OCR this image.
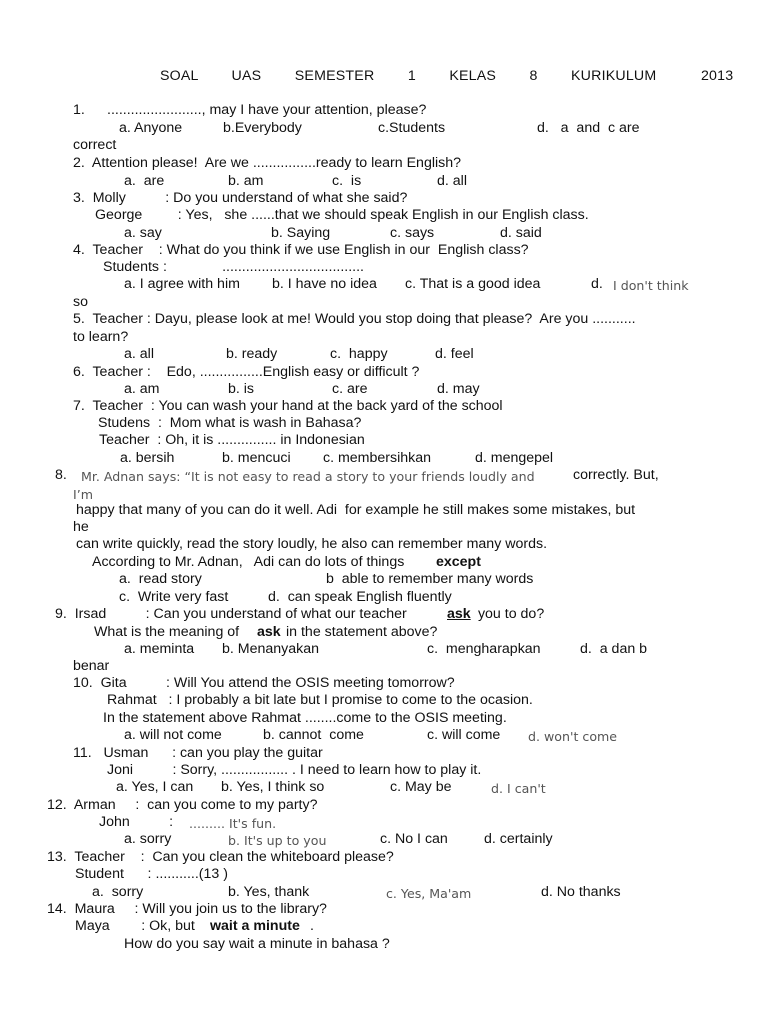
SOAL   UAS   SEMESTER   1   KELAS   8   KURIKULUM    2013
1. ........................, may I have your attention, please?
a. Anyone	b.Everybody	c.Students	d.   a  and  c are
correct
2.  Attention please!  Are we ................ready to learn English?
a.  are	b. am	c.  is	d. all
3.  Molly          : Do you understand of what she said?
George         : Yes,   she ......that we should speak English in our English class.
a. say	b. Saying	c. says	d. said
4.  Teacher    : What do you think if we use English in our  English class?
Students :              ....................................
a. I agree with him b. I have no idea c. That is a good idea	d. I don't think
so
5.  Teacher : Dayu, please look at me! Would you stop doing that please?  Are you ...........
to learn?
a. all	b. ready	c.  happy	d. feel
6.  Teacher :    Edo, ................English easy or difficult ?
a. am	b. is	c. are	d. may
7.  Teacher  : You can wash your hand at the back yard of the school
Studens  :  Mom what is wash in Bahasa?
Teacher  : Oh, it is ............... in Indonesian
a. bersih	b. mencuci c. membersihkan	d. mengepel
8. Mr. Adnan says: “It is not easy to read a story to your friends loudly and	correctly. But,
I’m
happy that many of you can do it well. Adi  for example he still makes some mistakes, but
he
can write quickly, read the story loudly, he also can remember many words.
According to Mr. Adnan,   Adi can do lots of things except
a.  read story	b  able to remember many words
c.  Write very fast	d.  can speak English fluently
9.  Irsad          : Can you understand of what our teacher	ask you to do?
What is the meaning of ask in the statement above?
a. meminta b. Menanyakan	c.  mengharapkan	d.  a dan b
benar
10.  Gita          : Will You attend the OSIS meeting tomorrow?
Rahmat   : I probably a bit late but I promise to come to the ocasion.
In the statement above Rahmat ........come to the OSIS meeting.
a. will not come	b. cannot  come	c. will come d. won't come
11.   Usman      : can you play the guitar
Joni          : Sorry, ................. . I need to learn how to play it.
a. Yes, I can b. Yes, I think so	c. May be	d. I can't
12.  Arman     :  can you come to my party?
John          : ......... It's fun.
a. sorry	b. It's up to you	c. No I can	d. certainly
13.  Teacher    :  Can you clean the whiteboard please?
Student      : ...........(13 )
a.  sorry	b. Yes, thank	c. Yes, Ma'am	d. No thanks
14.  Maura     : Will you join us to the library?
Maya        : Ok, but wait a minute .
How do you say wait a minute in bahasa ?
